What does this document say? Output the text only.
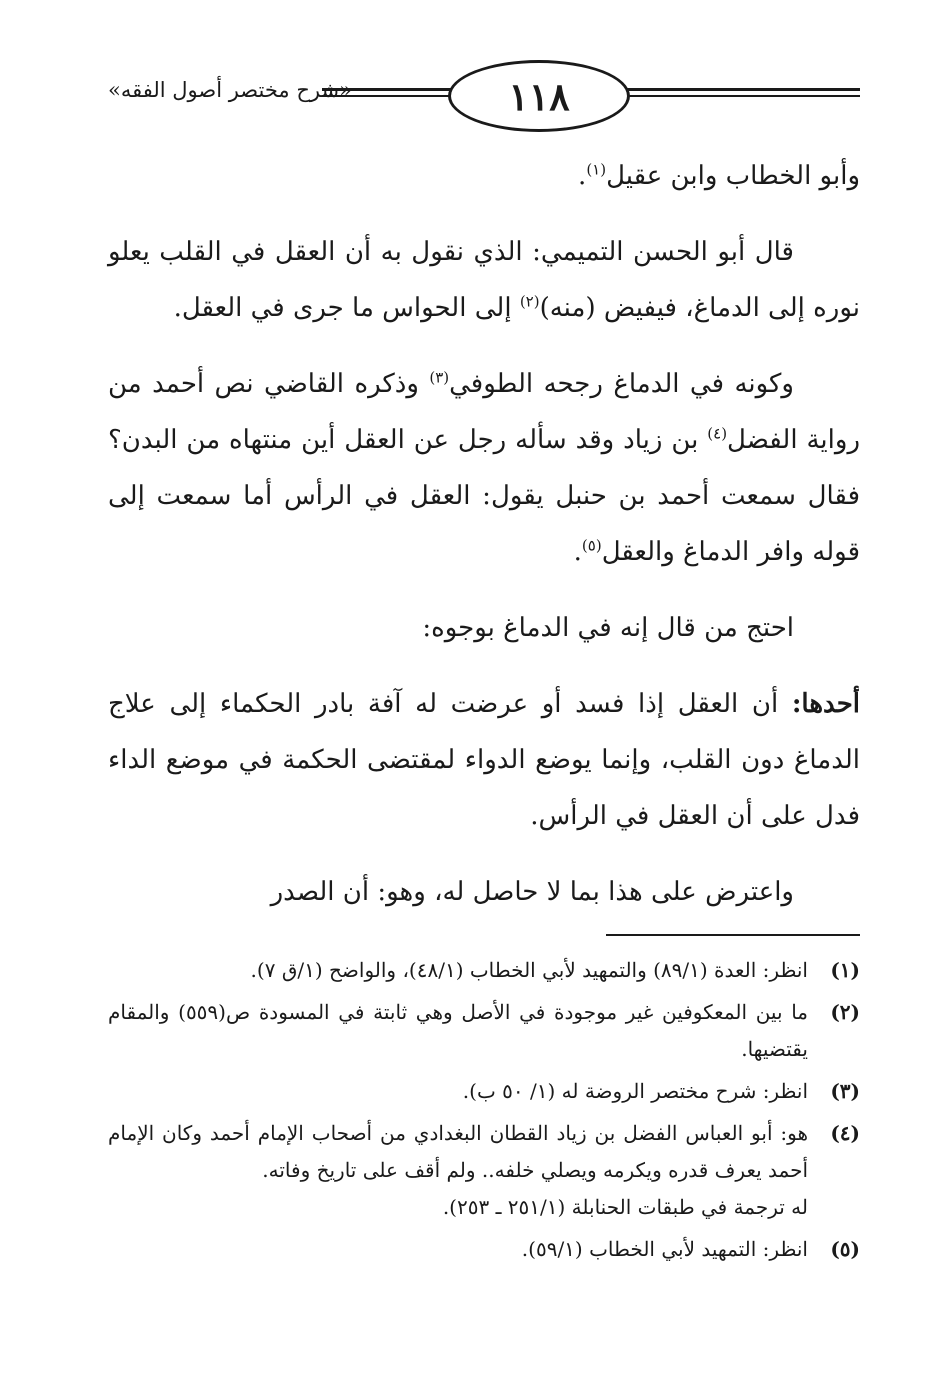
«شرح مختصر أصول الفقه»	١١٨

وأبو الخطاب وابن عقيل$^{(١)}$.

قال أبو الحسن التميمي: الذي نقول به أن العقل في القلب يعلو نوره إلى الدماغ، فيفيض (منه)$^{(٢)}$ إلى الحواس ما جرى في العقل.

وكونه في الدماغ رجحه الطوفي$^{(٣)}$ وذكره القاضي نص أحمد من رواية الفضل$^{(٤)}$ بن زياد وقد سأله رجل عن العقل أين منتهاه من البدن؟ فقال سمعت أحمد بن حنبل يقول: العقل في الرأس أما سمعت إلى قوله وافر الدماغ والعقل$^{(٥)}$.

احتج من قال إنه في الدماغ بوجوه:

أحدها: أن العقل إذا فسد أو عرضت له آفة بادر الحكماء إلى علاج الدماغ دون القلب، وإنما يوضع الدواء لمقتضى الحكمة في موضع الداء فدل على أن العقل في الرأس.

واعترض على هذا بما لا حاصل له، وهو: أن الصدر

(١)
انظر: العدة (٨٩/١) والتمهيد لأبي الخطاب (٤٨/١)، والواضح (١/ق ٧).

(٢)
ما بين المعكوفين غير موجودة في الأصل وهي ثابتة في المسودة ص(٥٥٩) والمقام يقتضيها.

(٣)
انظر: شرح مختصر الروضة له (١/ ٥٠ ب).

(٤)
هو: أبو العباس الفضل بن زياد القطان البغدادي من أصحاب الإمام أحمد وكان الإمام أحمد يعرف قدره ويكرمه ويصلي خلفه.. ولم أقف على تاريخ وفاته.
له ترجمة في طبقات الحنابلة (٢٥١/١ ـ ٢٥٣).

(٥)
انظر: التمهيد لأبي الخطاب (٥٩/١).
